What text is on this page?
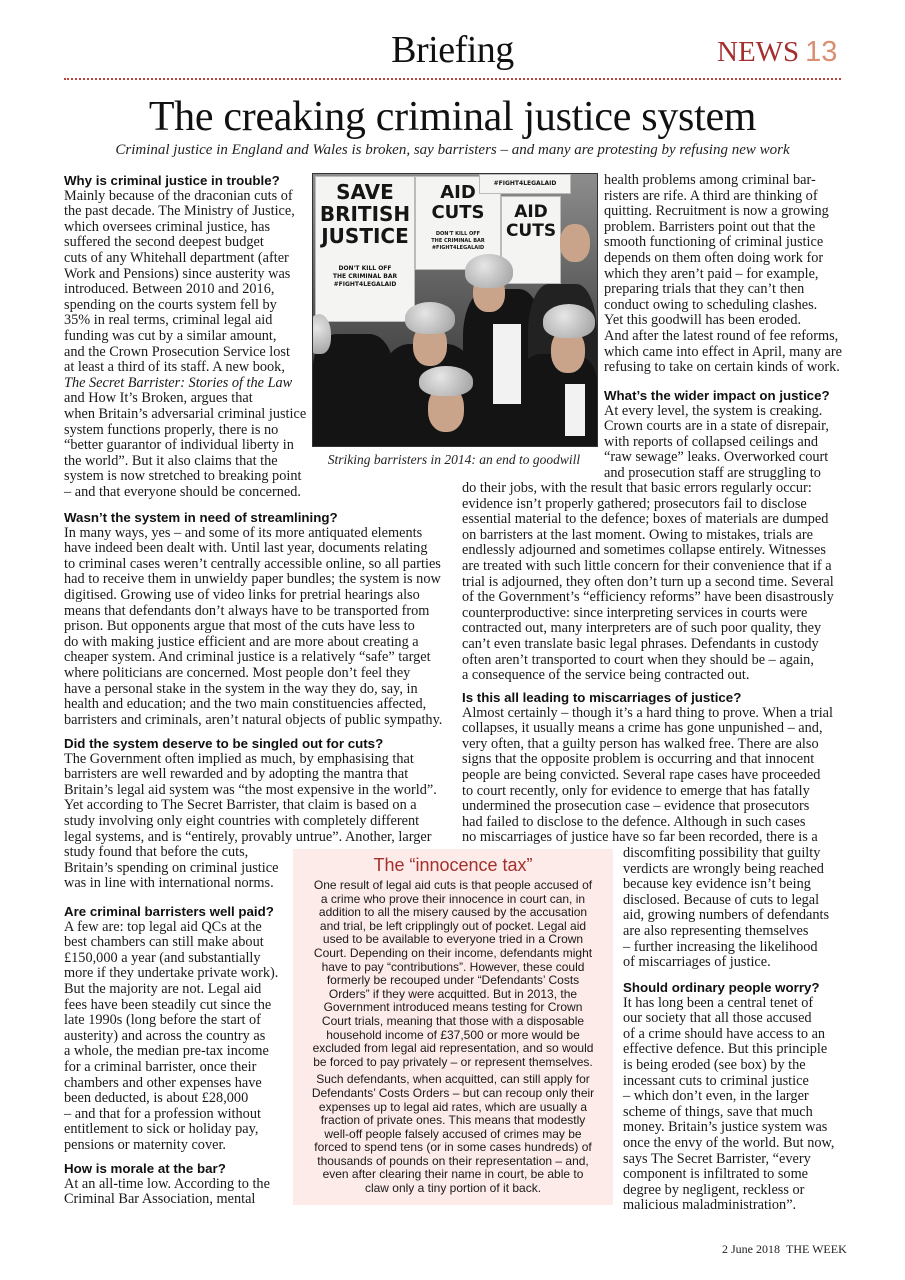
Briefing	NEWS 13
The creaking criminal justice system
Criminal justice in England and Wales is broken, say barristers – and many are protesting by refusing new work
SAVE
BRITISH
JUSTICE
DON'T KILL OFF
THE CRIMINAL BAR
#FIGHT4LEGALAID
AID
CUTS
DON'T KILL OFF
THE CRIMINAL BAR
#FIGHT4LEGALAID
AID
CUTS
#FIGHT4LEGALAID
Striking barristers in 2014: an end to goodwill
Why is criminal justice in trouble?
Mainly because of the draconian cuts of
the past decade. The Ministry of Justice,
which oversees criminal justice, has
suffered the second deepest budget
cuts of any Whitehall department (after
Work and Pensions) since austerity was
introduced. Between 2010 and 2016,
spending on the courts system fell by
35% in real terms, criminal legal aid
funding was cut by a similar amount,
and the Crown Prosecution Service lost
at least a third of its staff. A new book,
The Secret Barrister: Stories of the Law
and How It’s Broken, argues that
when Britain’s adversarial criminal justice
system functions properly, there is no
“better guarantor of individual liberty in
the world”. But it also claims that the
system is now stretched to breaking point
– and that everyone should be concerned.
Wasn’t the system in need of streamlining?
In many ways, yes – and some of its more antiquated elements
have indeed been dealt with. Until last year, documents relating
to criminal cases weren’t centrally accessible online, so all parties
had to receive them in unwieldy paper bundles; the system is now
digitised. Growing use of video links for pretrial hearings also
means that defendants don’t always have to be transported from
prison. But opponents argue that most of the cuts have less to
do with making justice efficient and are more about creating a
cheaper system. And criminal justice is a relatively “safe” target
where politicians are concerned. Most people don’t feel they
have a personal stake in the system in the way they do, say, in
health and education; and the two main constituencies affected,
barristers and criminals, aren’t natural objects of public sympathy.
Did the system deserve to be singled out for cuts?
The Government often implied as much, by emphasising that
barristers are well rewarded and by adopting the mantra that
Britain’s legal aid system was “the most expensive in the world”.
Yet according to The Secret Barrister, that claim is based on a
study involving only eight countries with completely different
legal systems, and is “entirely, provably untrue”. Another, larger
study found that before the cuts,
Britain’s spending on criminal justice
was in line with international norms.
Are criminal barristers well paid?
A few are: top legal aid QCs at the
best chambers can still make about
£150,000 a year (and substantially
more if they undertake private work).
But the majority are not. Legal aid
fees have been steadily cut since the
late 1990s (long before the start of
austerity) and across the country as
a whole, the median pre-tax income
for a criminal barrister, once their
chambers and other expenses have
been deducted, is about £28,000
– and that for a profession without
entitlement to sick or holiday pay,
pensions or maternity cover.
How is morale at the bar?
At an all-time low. According to the
Criminal Bar Association, mental
health problems among criminal bar-
risters are rife. A third are thinking of
quitting. Recruitment is now a growing
problem. Barristers point out that the
smooth functioning of criminal justice
depends on them often doing work for
which they aren’t paid – for example,
preparing trials that they can’t then
conduct owing to scheduling clashes.
Yet this goodwill has been eroded.
And after the latest round of fee reforms,
which came into effect in April, many are
refusing to take on certain kinds of work.
What’s the wider impact on justice?
At every level, the system is creaking.
Crown courts are in a state of disrepair,
with reports of collapsed ceilings and
“raw sewage” leaks. Overworked court
and prosecution staff are struggling to
do their jobs, with the result that basic errors regularly occur:
evidence isn’t properly gathered; prosecutors fail to disclose
essential material to the defence; boxes of materials are dumped
on barristers at the last moment. Owing to mistakes, trials are
endlessly adjourned and sometimes collapse entirely. Witnesses
are treated with such little concern for their convenience that if a
trial is adjourned, they often don’t turn up a second time. Several
of the Government’s “efficiency reforms” have been disastrously
counterproductive: since interpreting services in courts were
contracted out, many interpreters are of such poor quality, they
can’t even translate basic legal phrases. Defendants in custody
often aren’t transported to court when they should be – again,
a consequence of the service being contracted out.
Is this all leading to miscarriages of justice?
Almost certainly – though it’s a hard thing to prove. When a trial
collapses, it usually means a crime has gone unpunished – and,
very often, that a guilty person has walked free. There are also
signs that the opposite problem is occurring and that innocent
people are being convicted. Several rape cases have proceeded
to court recently, only for evidence to emerge that has fatally
undermined the prosecution case – evidence that prosecutors
had failed to disclose to the defence. Although in such cases
no miscarriages of justice have so far been recorded, there is a
discomfiting possibility that guilty
verdicts are wrongly being reached
because key evidence isn’t being
disclosed. Because of cuts to legal
aid, growing numbers of defendants
are also representing themselves
– further increasing the likelihood
of miscarriages of justice.
Should ordinary people worry?
It has long been a central tenet of
our society that all those accused
of a crime should have access to an
effective defence. But this principle
is being eroded (see box) by the
incessant cuts to criminal justice
– which don’t even, in the larger
scheme of things, save that much
money. Britain’s justice system was
once the envy of the world. But now,
says The Secret Barrister, “every
component is infiltrated to some
degree by negligent, reckless or
malicious maladministration”.
The “innocence tax”
One result of legal aid cuts is that people accused of
a crime who prove their innocence in court can, in
addition to all the misery caused by the accusation
and trial, be left cripplingly out of pocket. Legal aid
used to be available to everyone tried in a Crown
Court. Depending on their income, defendants might
have to pay “contributions”. However, these could
formerly be recouped under “Defendants’ Costs
Orders” if they were acquitted. But in 2013, the
Government introduced means testing for Crown
Court trials, meaning that those with a disposable
household income of £37,500 or more would be
excluded from legal aid representation, and so would
be forced to pay privately – or represent themselves.
Such defendants, when acquitted, can still apply for
Defendants’ Costs Orders – but can recoup only their
expenses up to legal aid rates, which are usually a
fraction of private ones. This means that modestly
well-off people falsely accused of crimes may be
forced to spend tens (or in some cases hundreds) of
thousands of pounds on their representation – and,
even after clearing their name in court, be able to
claw only a tiny portion of it back.
2 June 2018 THE WEEK
